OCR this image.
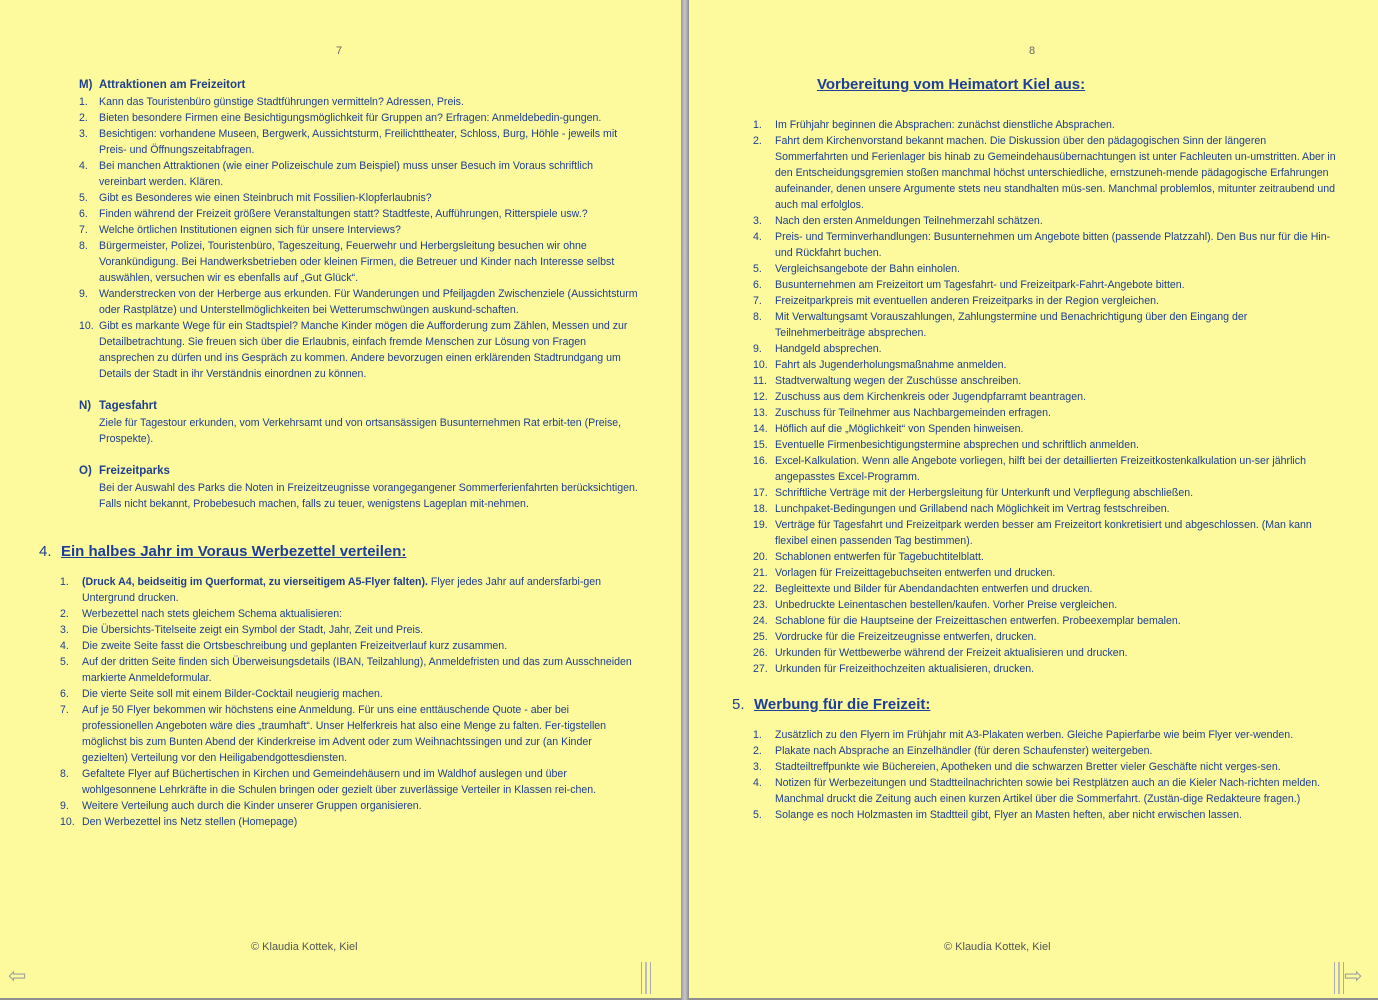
7
M) Attraktionen am Freizeitort
1.	Kann das Touristenbüro günstige Stadtführungen vermitteln? Adressen, Preis.
2.	Bieten besondere Firmen eine Besichtigungsmöglichkeit für Gruppen an? Erfragen: Anmeldebedin-gungen.
3.	Besichtigen: vorhandene Museen, Bergwerk, Aussichtsturm, Freilichttheater, Schloss, Burg, Höhle - jeweils mit Preis- und Öffnungszeitabfragen.
4.	Bei manchen Attraktionen (wie einer Polizeischule zum Beispiel) muss unser Besuch im Voraus schriftlich vereinbart werden. Klären.
5.	Gibt es Besonderes wie einen Steinbruch mit Fossilien-Klopferlaubnis?
6.	Finden während der Freizeit größere Veranstaltungen statt? Stadtfeste, Aufführungen, Ritterspiele usw.?
7.	Welche örtlichen Institutionen eignen sich für unsere Interviews?
8.	Bürgermeister, Polizei, Touristenbüro, Tageszeitung, Feuerwehr und Herbergsleitung besuchen wir ohne Vorankündigung. Bei Handwerksbetrieben oder kleinen Firmen, die Betreuer und Kinder nach Interesse selbst auswählen, versuchen wir es ebenfalls auf „Gut Glück“.
9.	Wanderstrecken von der Herberge aus erkunden. Für Wanderungen und Pfeiljagden Zwischenziele (Aussichtsturm oder Rastplätze) und Unterstellmöglichkeiten bei Wetterumschwüngen auskund-schaften.
10. Gibt es markante Wege für ein Stadtspiel? Manche Kinder mögen die Aufforderung zum Zählen, Messen und zur Detailbetrachtung. Sie freuen sich über die Erlaubnis, einfach fremde Menschen zur Lösung von Fragen ansprechen zu dürfen und ins Gespräch zu kommen. Andere bevorzugen einen erklärenden Stadtrundgang um Details der Stadt in ihr Verständnis einordnen zu können.
N) Tagesfahrt
Ziele für Tagestour erkunden, vom Verkehrsamt und von ortsansässigen Busunternehmen Rat erbit-ten (Preise, Prospekte).
O) Freizeitparks
Bei der Auswahl des Parks die Noten in Freizeitzeugnisse vorangegangener Sommerferienfahrten berücksichtigen. Falls nicht bekannt, Probebesuch machen, falls zu teuer, wenigstens Lageplan mit-nehmen.
4. Ein halbes Jahr im Voraus Werbezettel verteilen:
1.	(Druck A4, beidseitig im Querformat, zu vierseitigem A5-Flyer falten). Flyer jedes Jahr auf andersfarbi-gen Untergrund drucken.
2.	Werbezettel nach stets gleichem Schema aktualisieren:
3.	Die Übersichts-Titelseite zeigt ein Symbol der Stadt, Jahr, Zeit und Preis.
4.	Die zweite Seite fasst die Ortsbeschreibung und geplanten Freizeitverlauf kurz zusammen.
5.	Auf der dritten Seite finden sich Überweisungsdetails (IBAN, Teilzahlung), Anmeldefristen und das zum Ausschneiden markierte Anmeldeformular.
6.	Die vierte Seite soll mit einem Bilder-Cocktail neugierig machen.
7.	Auf je 50 Flyer bekommen wir höchstens eine Anmeldung. Für uns eine enttäuschende Quote - aber bei professionellen Angeboten wäre dies „traumhaft“. Unser Helferkreis hat also eine Menge zu falten. Fer-tigstellen möglichst bis zum Bunten Abend der Kinderkreise im Advent oder zum Weihnachtssingen und zur (an Kinder gezielten) Verteilung vor den Heiligabendgottesdiensten.
8.	Gefaltete Flyer auf Büchertischen in Kirchen und Gemeindehäusern und im Waldhof auslegen und über wohlgesonnene Lehrkräfte in die Schulen bringen oder gezielt über zuverlässige Verteiler in Klassen rei-chen.
9.	Weitere Verteilung auch durch die Kinder unserer Gruppen organisieren.
10. Den Werbezettel ins Netz stellen (Homepage)
© Klaudia Kottek, Kiel
⇦
8
Vorbereitung vom Heimatort Kiel aus:
1.	Im Frühjahr beginnen die Absprachen: zunächst dienstliche Absprachen.
2.	Fahrt dem Kirchenvorstand bekannt machen. Die Diskussion über den pädagogischen Sinn der längeren Sommerfahrten und Ferienlager bis hinab zu Gemeindehausübernachtungen ist unter Fachleuten un-umstritten. Aber in den Entscheidungsgremien stoßen manchmal höchst unterschiedliche, ernstzuneh-mende pädagogische Erfahrungen aufeinander, denen unsere Argumente stets neu standhalten müs-sen. Manchmal problemlos, mitunter zeitraubend und auch mal erfolglos.
3.	Nach den ersten Anmeldungen Teilnehmerzahl schätzen.
4.	Preis- und Terminverhandlungen: Busunternehmen um Angebote bitten (passende Platzzahl). Den Bus nur für die Hin- und Rückfahrt buchen.
5.	Vergleichsangebote der Bahn einholen.
6.	Busunternehmen am Freizeitort um Tagesfahrt- und Freizeitpark-Fahrt-Angebote bitten.
7.	Freizeitparkpreis mit eventuellen anderen Freizeitparks in der Region vergleichen.
8.	Mit Verwaltungsamt Vorauszahlungen, Zahlungstermine und Benachrichtigung über den Eingang der Teilnehmerbeiträge absprechen.
9.	Handgeld absprechen.
10. Fahrt als Jugenderholungsmaßnahme anmelden.
11. Stadtverwaltung wegen der Zuschüsse anschreiben.
12. Zuschuss aus dem Kirchenkreis oder Jugendpfarramt beantragen.
13. Zuschuss für Teilnehmer aus Nachbargemeinden erfragen.
14. Höflich auf die „Möglichkeit“ von Spenden hinweisen.
15. Eventuelle Firmenbesichtigungstermine absprechen und schriftlich anmelden.
16. Excel-Kalkulation. Wenn alle Angebote vorliegen, hilft bei der detaillierten Freizeitkostenkalkulation un-ser jährlich angepasstes Excel-Programm.
17. Schriftliche Verträge mit der Herbergsleitung für Unterkunft und Verpflegung abschließen.
18. Lunchpaket-Bedingungen und Grillabend nach Möglichkeit im Vertrag festschreiben.
19. Verträge für Tagesfahrt und Freizeitpark werden besser am Freizeitort konkretisiert und abgeschlossen. (Man kann flexibel einen passenden Tag bestimmen).
20. Schablonen entwerfen für Tagebuchtitelblatt.
21. Vorlagen für Freizeittagebuchseiten entwerfen und drucken.
22. Begleittexte und Bilder für Abendandachten entwerfen und drucken.
23. Unbedruckte Leinentaschen bestellen/kaufen. Vorher Preise vergleichen.
24. Schablone für die Hauptseine der Freizeittaschen entwerfen. Probeexemplar bemalen.
25. Vordrucke für die Freizeitzeugnisse entwerfen, drucken.
26. Urkunden für Wettbewerbe während der Freizeit aktualisieren und drucken.
27. Urkunden für Freizeithochzeiten aktualisieren, drucken.
5. Werbung für die Freizeit:
1.	Zusätzlich zu den Flyern im Frühjahr mit A3-Plakaten werben. Gleiche Papierfarbe wie beim Flyer ver-wenden.
2.	Plakate nach Absprache an Einzelhändler (für deren Schaufenster) weitergeben.
3.	Stadteiltreffpunkte wie Büchereien, Apotheken und die schwarzen Bretter vieler Geschäfte nicht verges-sen.
4.	Notizen für Werbezeitungen und Stadtteilnachrichten sowie bei Restplätzen auch an die Kieler Nach-richten melden. Manchmal druckt die Zeitung auch einen kurzen Artikel über die Sommerfahrt. (Zustän-dige Redakteure fragen.)
5.	Solange es noch Holzmasten im Stadtteil gibt, Flyer an Masten heften, aber nicht erwischen lassen.
© Klaudia Kottek, Kiel
⇨
